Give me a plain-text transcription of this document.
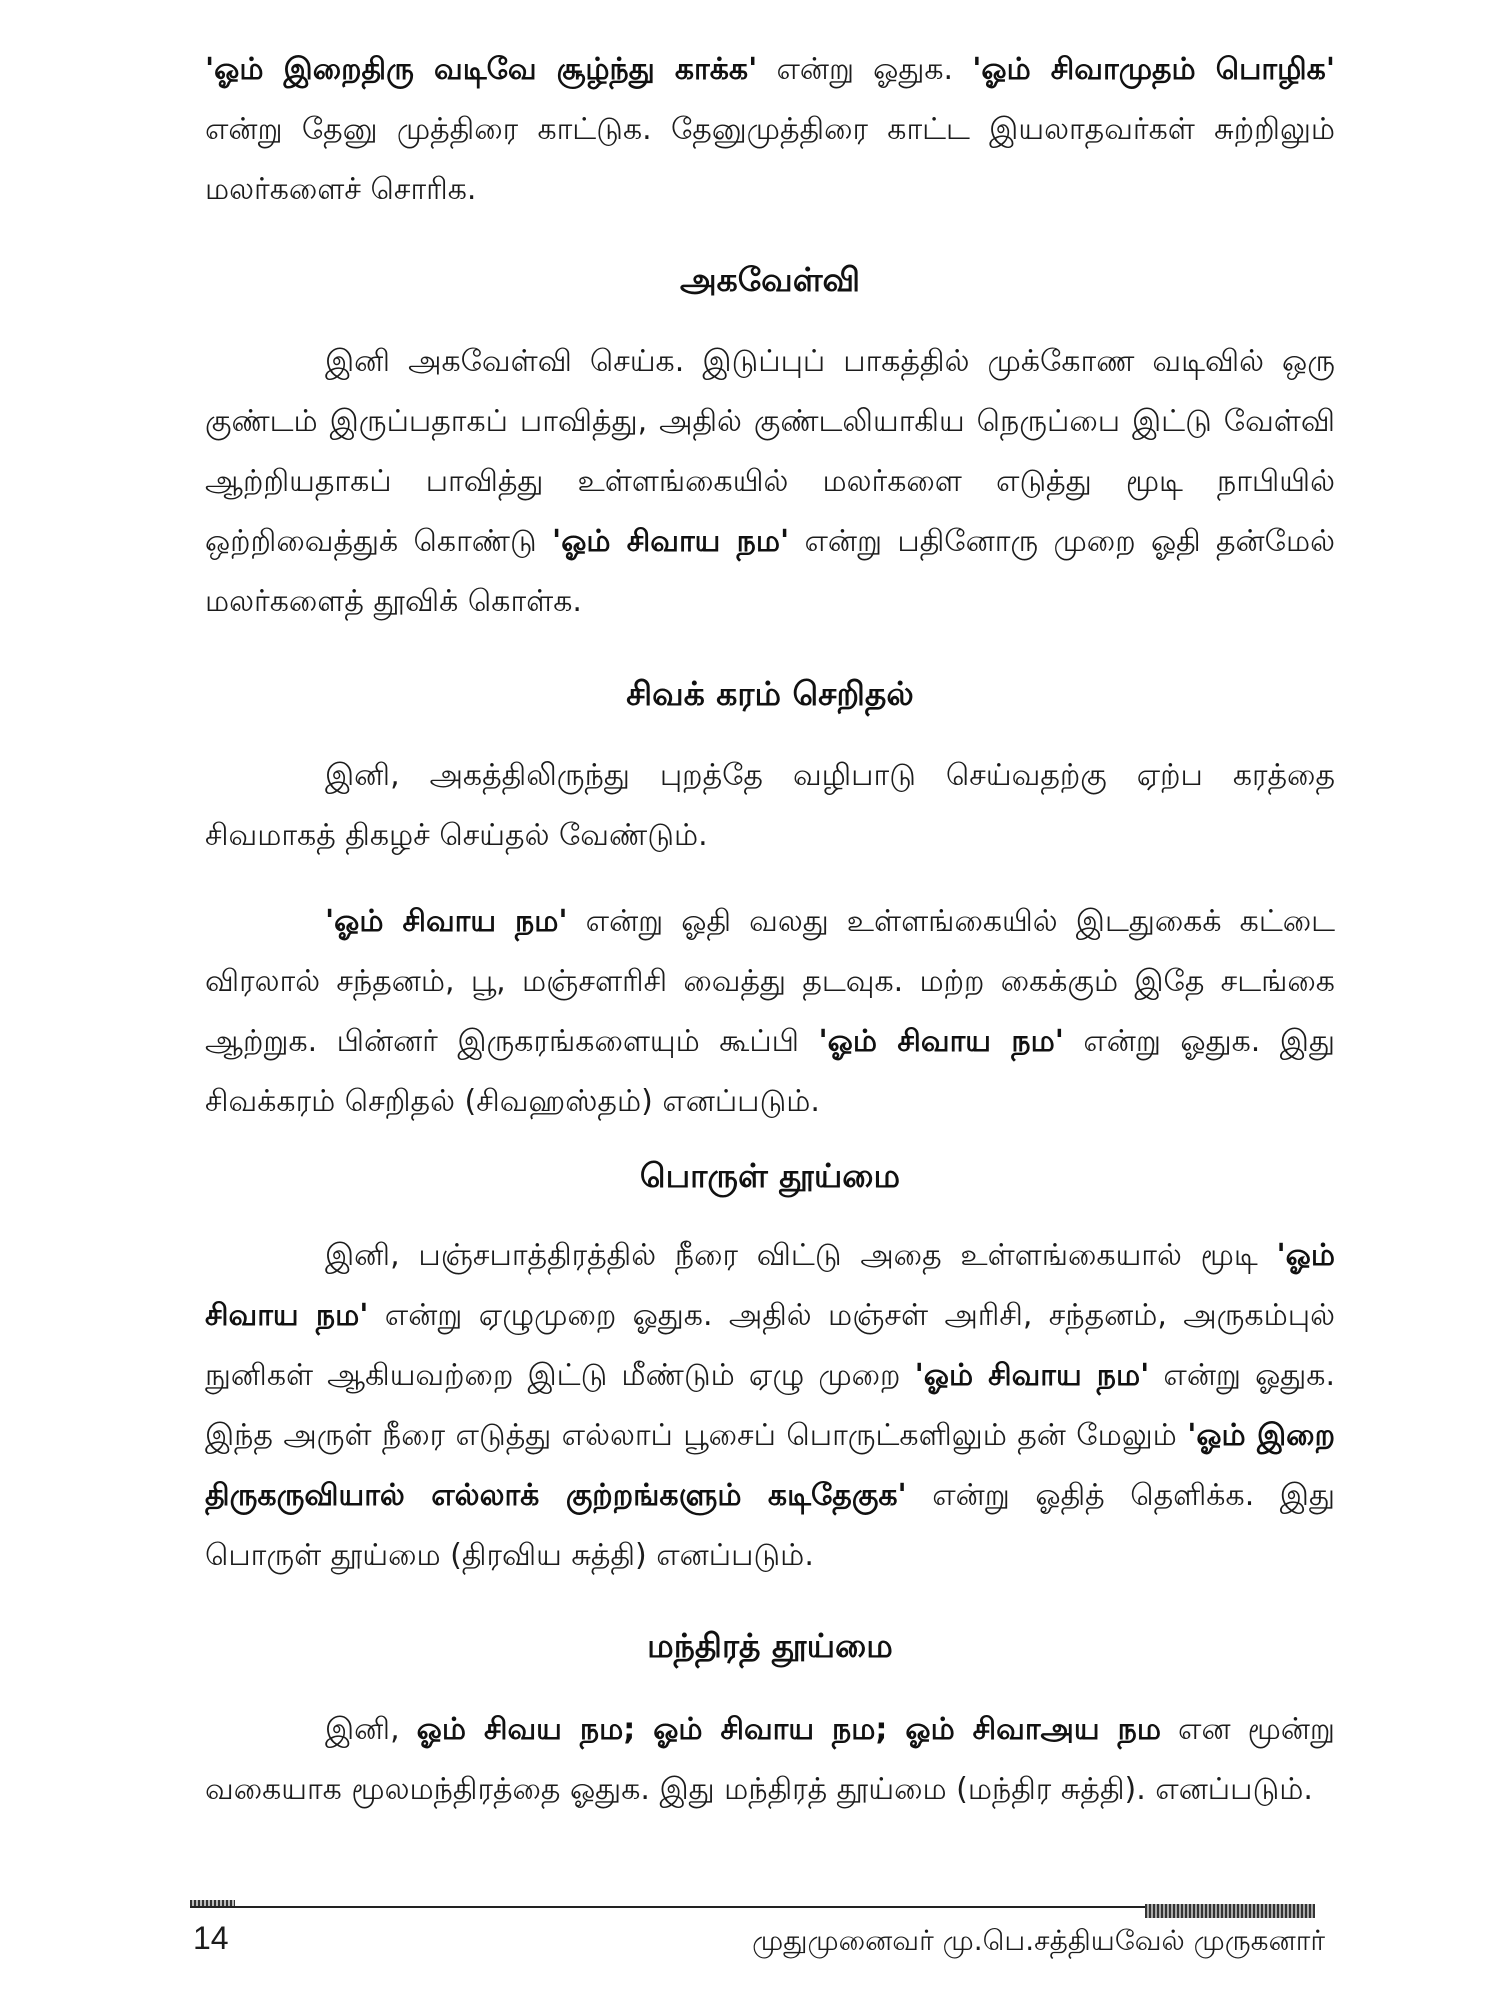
'ஓம் இறைதிரு வடிவே சூழ்ந்து காக்க' என்று ஓதுக. 'ஓம் சிவாமுதம் பொழிக' என்று தேனு முத்திரை காட்டுக. தேனுமுத்திரை காட்ட இயலாதவர்கள் சுற்றிலும் மலர்களைச் சொரிக.

அகவேள்வி

இனி அகவேள்வி செய்க. இடுப்புப் பாகத்தில் முக்கோண வடிவில் ஒரு குண்டம் இருப்பதாகப் பாவித்து, அதில் குண்டலியாகிய நெருப்பை இட்டு வேள்வி ஆற்றியதாகப் பாவித்து உள்ளங்கையில் மலர்களை எடுத்து மூடி நாபியில் ஒற்றிவைத்துக் கொண்டு 'ஓம் சிவாய நம' என்று பதினோரு முறை ஓதி தன்மேல் மலர்களைத் தூவிக் கொள்க.

சிவக் கரம் செறிதல்

இனி, அகத்திலிருந்து புறத்தே வழிபாடு செய்வதற்கு ஏற்ப கரத்தை சிவமாகத் திகழச் செய்தல் வேண்டும்.

'ஓம் சிவாய நம' என்று ஓதி வலது உள்ளங்கையில் இடதுகைக் கட்டை விரலால் சந்தனம், பூ, மஞ்சளரிசி வைத்து தடவுக. மற்ற கைக்கும் இதே சடங்கை ஆற்றுக. பின்னர் இருகரங்களையும் கூப்பி 'ஓம் சிவாய நம' என்று ஓதுக. இது சிவக்கரம் செறிதல் (சிவஹஸ்தம்) எனப்படும்.

பொருள் தூய்மை

இனி, பஞ்சபாத்திரத்தில் நீரை விட்டு அதை உள்ளங்கையால் மூடி 'ஓம் சிவாய நம' என்று ஏழுமுறை ஓதுக. அதில் மஞ்சள் அரிசி, சந்தனம், அருகம்புல் நுனிகள் ஆகியவற்றை இட்டு மீண்டும் ஏழு முறை 'ஓம் சிவாய நம' என்று ஓதுக. இந்த அருள் நீரை எடுத்து எல்லாப் பூசைப் பொருட்களிலும் தன் மேலும் 'ஓம் இறை திருகருவியால் எல்லாக் குற்றங்களும் கடிதேகுக' என்று ஓதித் தெளிக்க. இது பொருள் தூய்மை (திரவிய சுத்தி) எனப்படும்.

மந்திரத் தூய்மை

இனி, ஓம் சிவய நம; ஓம் சிவாய நம; ஓம் சிவாஅய நம என மூன்று வகையாக மூலமந்திரத்தை ஓதுக. இது மந்திரத் தூய்மை (மந்திர சுத்தி). எனப்படும்.

14	முதுமுனைவர் மு.பெ.சத்தியவேல் முருகனார்
